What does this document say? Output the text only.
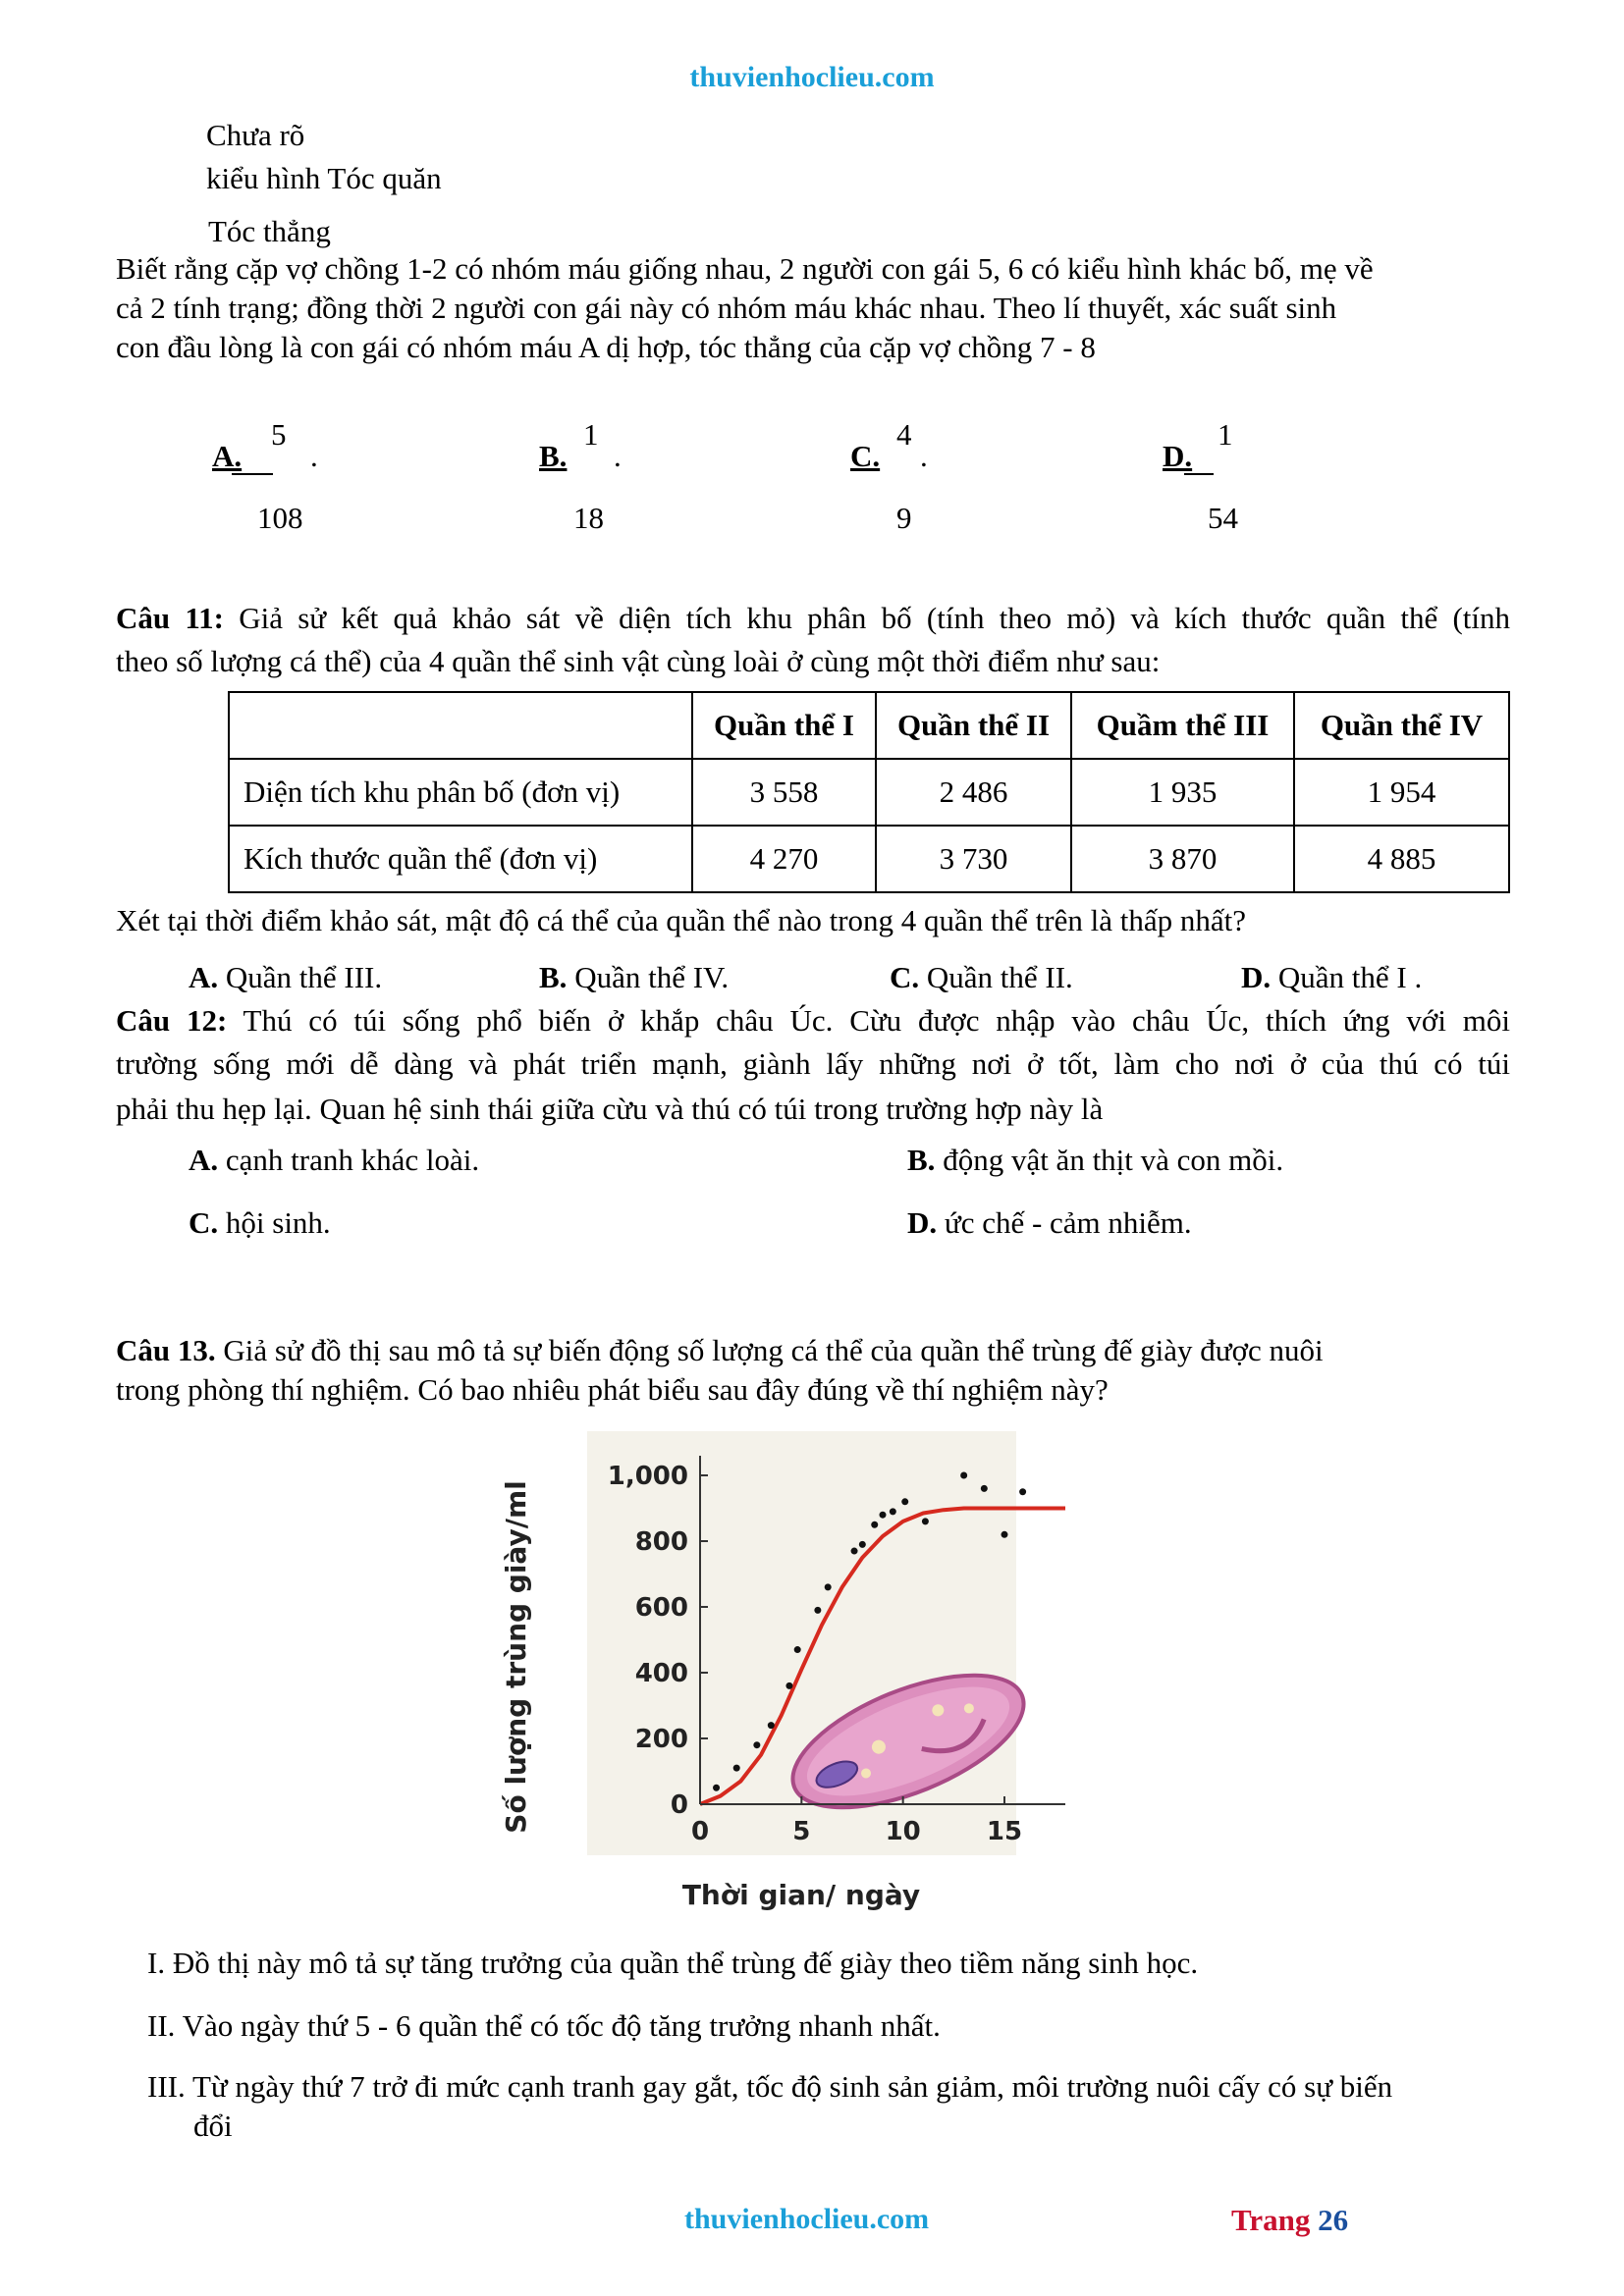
thuvienhoclieu.com
Chưa rõ
kiểu hình Tóc quăn
Tóc thẳng
Biết rằng cặp vợ chồng 1-2 có nhóm máu giống nhau, 2 người con gái 5, 6 có kiểu hình khác bố, mẹ về
cả 2 tính trạng; đồng thời 2 người con gái này có nhóm máu khác nhau. Theo lí thuyết, xác suất sinh
con đầu lòng là con gái có nhóm máu A dị hợp, tóc thẳng của cặp vợ chồng 7 - 8
A.
5
.
108
B.
1
.
18
C.
4
.
9
D.
1
54
Câu 11: Giả sử kết quả khảo sát về diện tích khu phân bố (tính theo mỏ) và kích thước quần thể (tính
theo số lượng cá thể) của 4 quần thể sinh vật cùng loài ở cùng một thời điểm như sau:
	Quần thể I	Quần thể II	Quầm thể III	Quần thể IV
Diện tích khu phân bố (đơn vị)	3 558	2 486	1 935	1 954
Kích thước quần thể (đơn vị)	4 270	3 730	3 870	4 885
Xét tại thời điểm khảo sát, mật độ cá thể của quần thể nào trong 4 quần thể trên là thấp nhất?
A. Quần thể III.	B. Quần thể IV.	C. Quần thể II.	D. Quần thể I .
Câu 12: Thú có túi sống phổ biến ở khắp châu Úc. Cừu được nhập vào châu Úc, thích ứng với môi
trường sống mới dễ dàng và phát triển mạnh, giành lấy những nơi ở tốt, làm cho nơi ở của thú có túi
phải thu hẹp lại. Quan hệ sinh thái giữa cừu và thú có túi trong trường hợp này là
A. cạnh tranh khác loài.	B. động vật ăn thịt và con mồi.
C. hội sinh.	D. ức chế - cảm nhiễm.
Câu 13. Giả sử đồ thị sau mô tả sự biến động số lượng cá thể của quần thể trùng đế giày được nuôi
trong phòng thí nghiệm. Có bao nhiêu phát biểu sau đây đúng về thí nghiệm này?
0
200
400
600
800
1,000
0	5	10	15
Số lượng trùng giày/ml
Thời gian/ ngày
I. Đồ thị này mô tả sự tăng trưởng của quần thể trùng đế giày theo tiềm năng sinh học.
II. Vào ngày thứ 5 - 6 quần thể có tốc độ tăng trưởng nhanh nhất.
III. Từ ngày thứ 7 trở đi mức cạnh tranh gay gắt, tốc độ sinh sản giảm, môi trường nuôi cấy có sự biến
đổi
thuvienhoclieu.com	Trang 26
